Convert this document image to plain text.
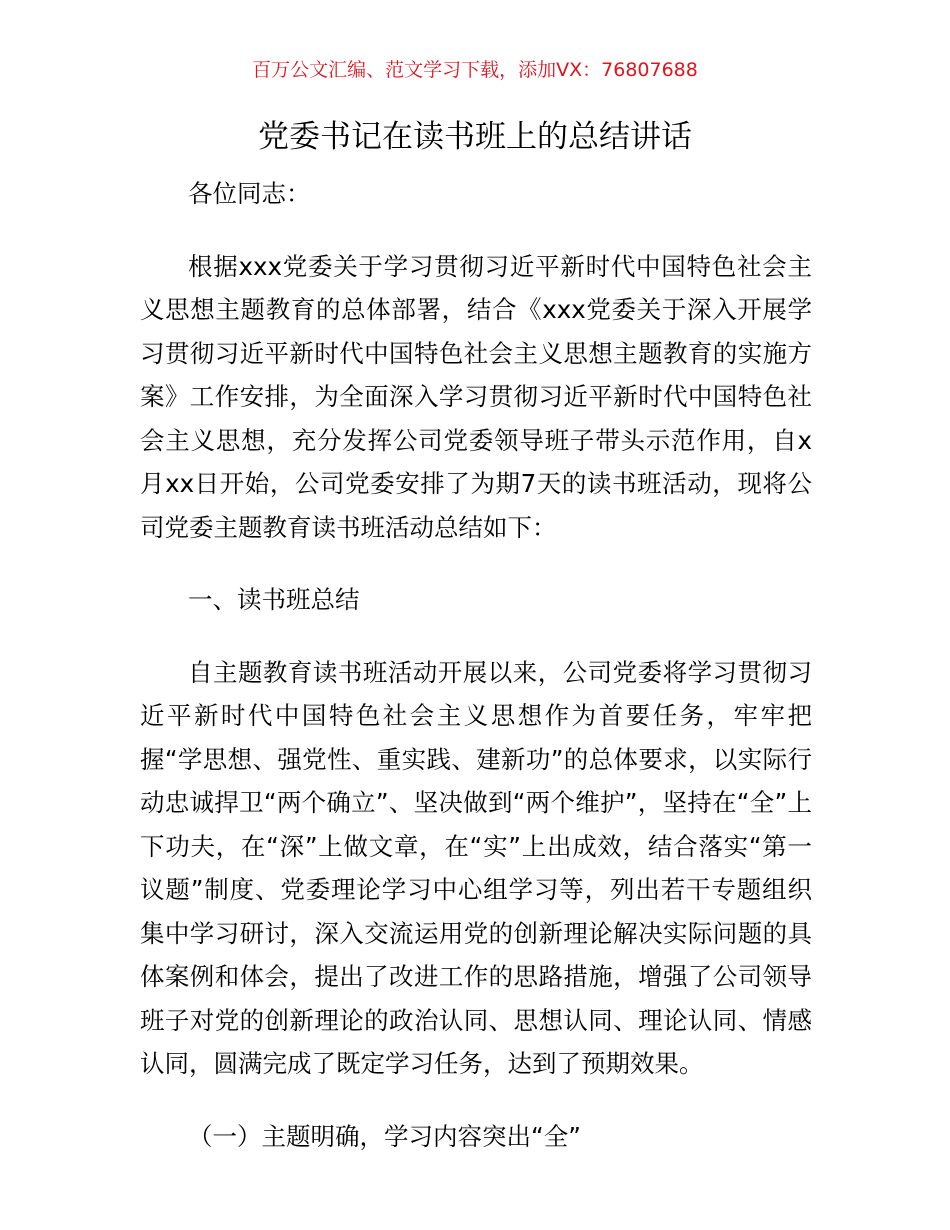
百万公文汇编、范文学习下载，添加VX：76807688
党委书记在读书班上的总结讲话

各位同志：

根据xxx党委关于学习贯彻习近平新时代中国特色社会主义思想主题教育的总体部署，结合《xxx党委关于深入开展学习贯彻习近平新时代中国特色社会主义思想主题教育的实施方案》工作安排，为全面深入学习贯彻习近平新时代中国特色社会主义思想，充分发挥公司党委领导班子带头示范作用，自x月xx日开始，公司党委安排了为期7天的读书班活动，现将公司党委主题教育读书班活动总结如下：

一、读书班总结

自主题教育读书班活动开展以来，公司党委将学习贯彻习近平新时代中国特色社会主义思想作为首要任务，牢牢把握“学思想、强党性、重实践、建新功”的总体要求，以实际行动忠诚捍卫“两个确立”、坚决做到“两个维护”，坚持在“全”上下功夫，在“深”上做文章，在“实”上出成效，结合落实“第一议题”制度、党委理论学习中心组学习等，列出若干专题组织集中学习研讨，深入交流运用党的创新理论解决实际问题的具体案例和体会，提出了改进工作的思路措施，增强了公司领导班子对党的创新理论的政治认同、思想认同、理论认同、情感认同，圆满完成了既定学习任务，达到了预期效果。

（一）主题明确，学习内容突出“全”
